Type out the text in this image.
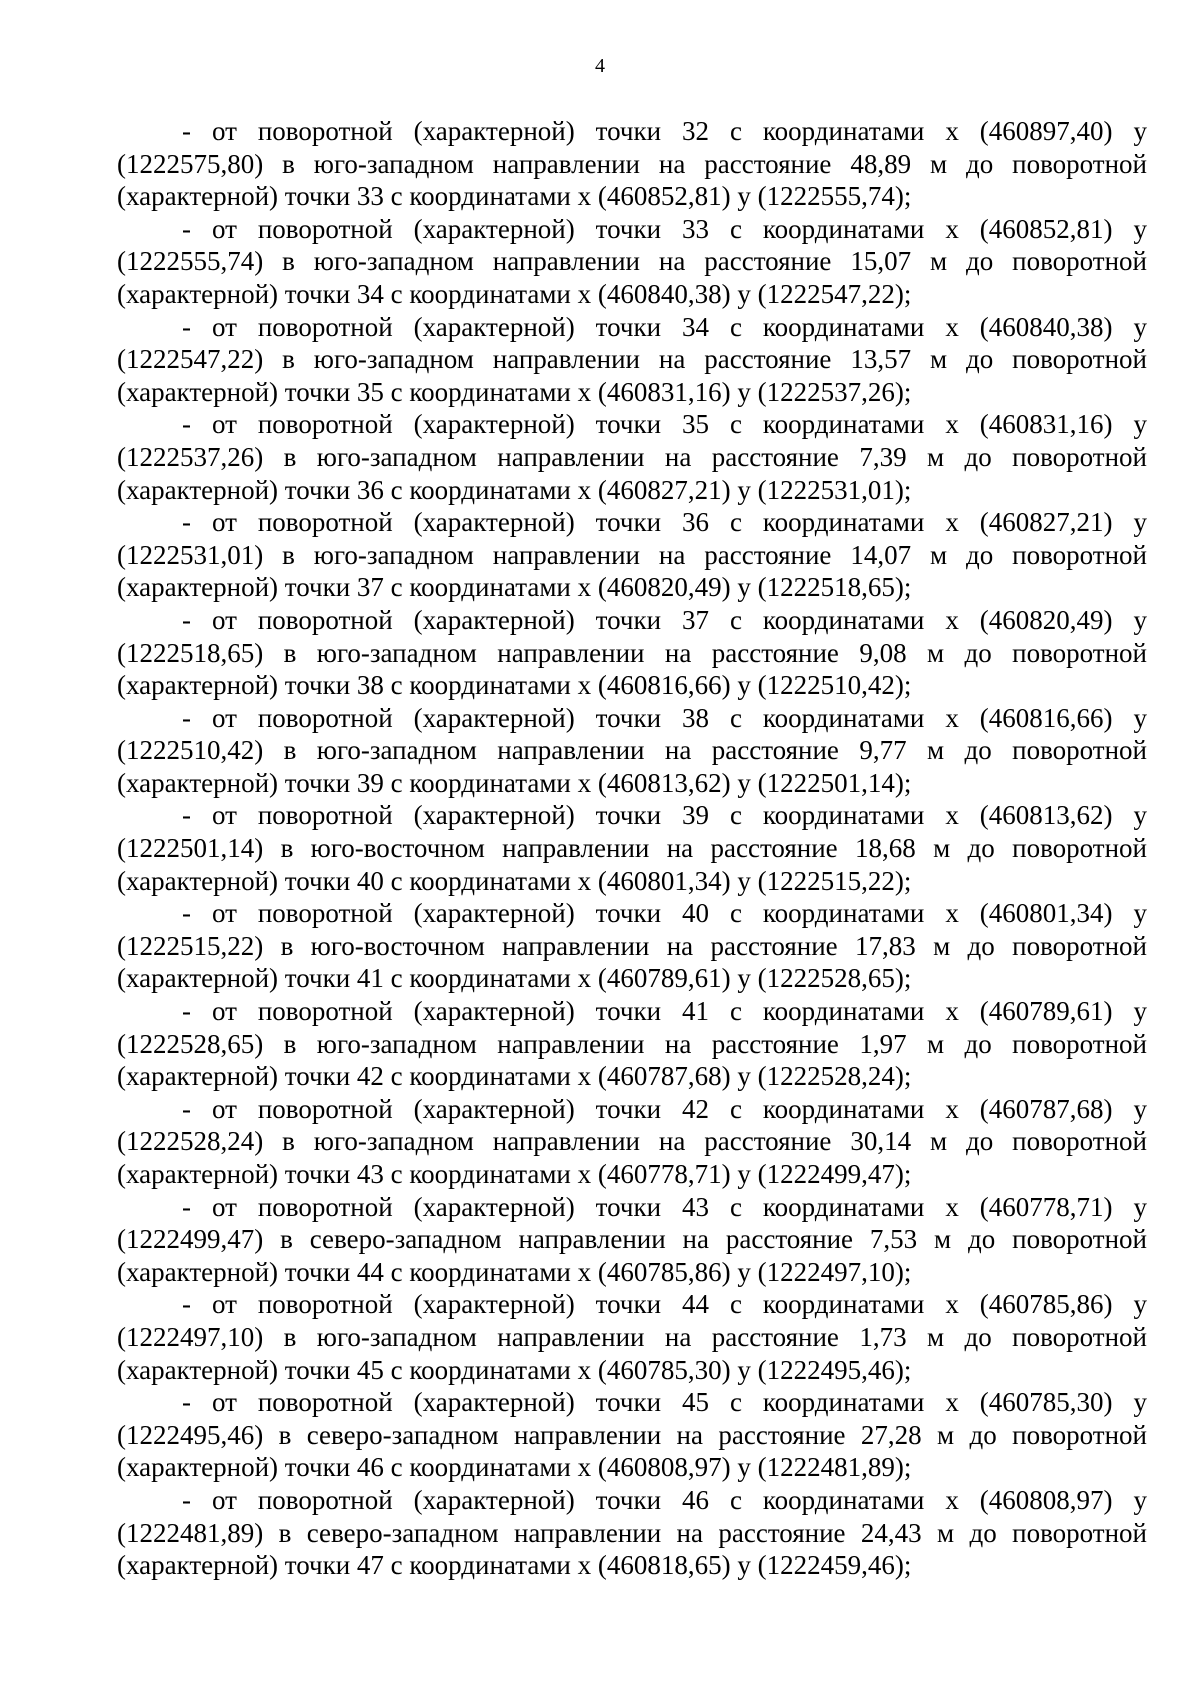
4

- от поворотной (характерной) точки 32 с координатами х (460897,40) у (1222575,80) в юго-западном направлении на расстояние 48,89 м до поворотной (характерной) точки 33 с координатами х (460852,81) у (1222555,74);

- от поворотной (характерной) точки 33 с координатами х (460852,81) у (1222555,74) в юго-западном направлении на расстояние 15,07 м до поворотной (характерной) точки 34 с координатами х (460840,38) у (1222547,22);

- от поворотной (характерной) точки 34 с координатами х (460840,38) у (1222547,22) в юго-западном направлении на расстояние 13,57 м до поворотной (характерной) точки 35 с координатами х (460831,16) у (1222537,26);

- от поворотной (характерной) точки 35 с координатами х (460831,16) у (1222537,26) в юго-западном направлении на расстояние 7,39 м до поворотной (характерной) точки 36 с координатами х (460827,21) у (1222531,01);

- от поворотной (характерной) точки 36 с координатами х (460827,21) у (1222531,01) в юго-западном направлении на расстояние 14,07 м до поворотной (характерной) точки 37 с координатами х (460820,49) у (1222518,65);

- от поворотной (характерной) точки 37 с координатами х (460820,49) у (1222518,65) в юго-западном направлении на расстояние 9,08 м до поворотной (характерной) точки 38 с координатами х (460816,66) у (1222510,42);

- от поворотной (характерной) точки 38 с координатами х (460816,66) у (1222510,42) в юго-западном направлении на расстояние 9,77 м до поворотной (характерной) точки 39 с координатами х (460813,62) у (1222501,14);

- от поворотной (характерной) точки 39 с координатами х (460813,62) у (1222501,14) в юго-восточном направлении на расстояние 18,68 м до поворотной (характерной) точки 40 с координатами х (460801,34) у (1222515,22);

- от поворотной (характерной) точки 40 с координатами х (460801,34) у (1222515,22) в юго-восточном направлении на расстояние 17,83 м до поворотной (характерной) точки 41 с координатами х (460789,61) у (1222528,65);

- от поворотной (характерной) точки 41 с координатами х (460789,61) у (1222528,65) в юго-западном направлении на расстояние 1,97 м до поворотной (характерной) точки 42 с координатами х (460787,68) у (1222528,24);

- от поворотной (характерной) точки 42 с координатами х (460787,68) у (1222528,24) в юго-западном направлении на расстояние 30,14 м до поворотной (характерной) точки 43 с координатами х (460778,71) у (1222499,47);

- от поворотной (характерной) точки 43 с координатами х (460778,71) у (1222499,47) в северо-западном направлении на расстояние 7,53 м до поворотной (характерной) точки 44 с координатами х (460785,86) у (1222497,10);

- от поворотной (характерной) точки 44 с координатами х (460785,86) у (1222497,10) в юго-западном направлении на расстояние 1,73 м до поворотной (характерной) точки 45 с координатами х (460785,30) у (1222495,46);

- от поворотной (характерной) точки 45 с координатами х (460785,30) у (1222495,46) в северо-западном направлении на расстояние 27,28 м до поворотной (характерной) точки 46 с координатами х (460808,97) у (1222481,89);

- от поворотной (характерной) точки 46 с координатами х (460808,97) у (1222481,89) в северо-западном направлении на расстояние 24,43 м до поворотной (характерной) точки 47 с координатами х (460818,65) у (1222459,46);
